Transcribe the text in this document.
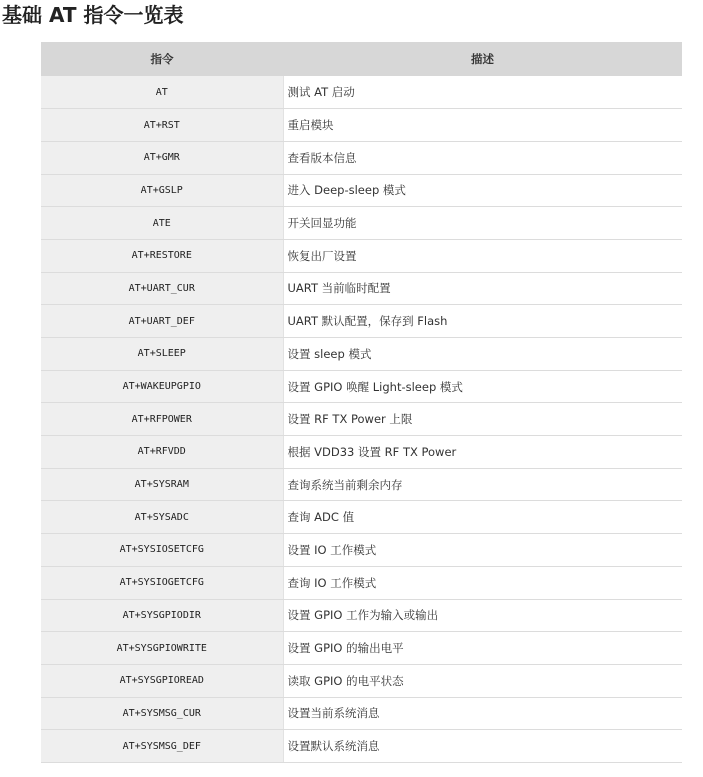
基础 AT 指令一览表
指令	描述
AT	测试 AT 启动
AT+RST	重启模块
AT+GMR	查看版本信息
AT+GSLP	进入 Deep-sleep 模式
ATE	开关回显功能
AT+RESTORE	恢复出厂设置
AT+UART_CUR	UART 当前临时配置
AT+UART_DEF	UART 默认配置，保存到 Flash
AT+SLEEP	设置 sleep 模式
AT+WAKEUPGPIO	设置 GPIO 唤醒 Light-sleep 模式
AT+RFPOWER	设置 RF TX Power 上限
AT+RFVDD	根据 VDD33 设置 RF TX Power
AT+SYSRAM	查询系统当前剩余内存
AT+SYSADC	查询 ADC 值
AT+SYSIOSETCFG	设置 IO 工作模式
AT+SYSIOGETCFG	查询 IO 工作模式
AT+SYSGPIODIR	设置 GPIO 工作为输入或输出
AT+SYSGPIOWRITE	设置 GPIO 的输出电平
AT+SYSGPIOREAD	读取 GPIO 的电平状态
AT+SYSMSG_CUR	设置当前系统消息
AT+SYSMSG_DEF	设置默认系统消息
